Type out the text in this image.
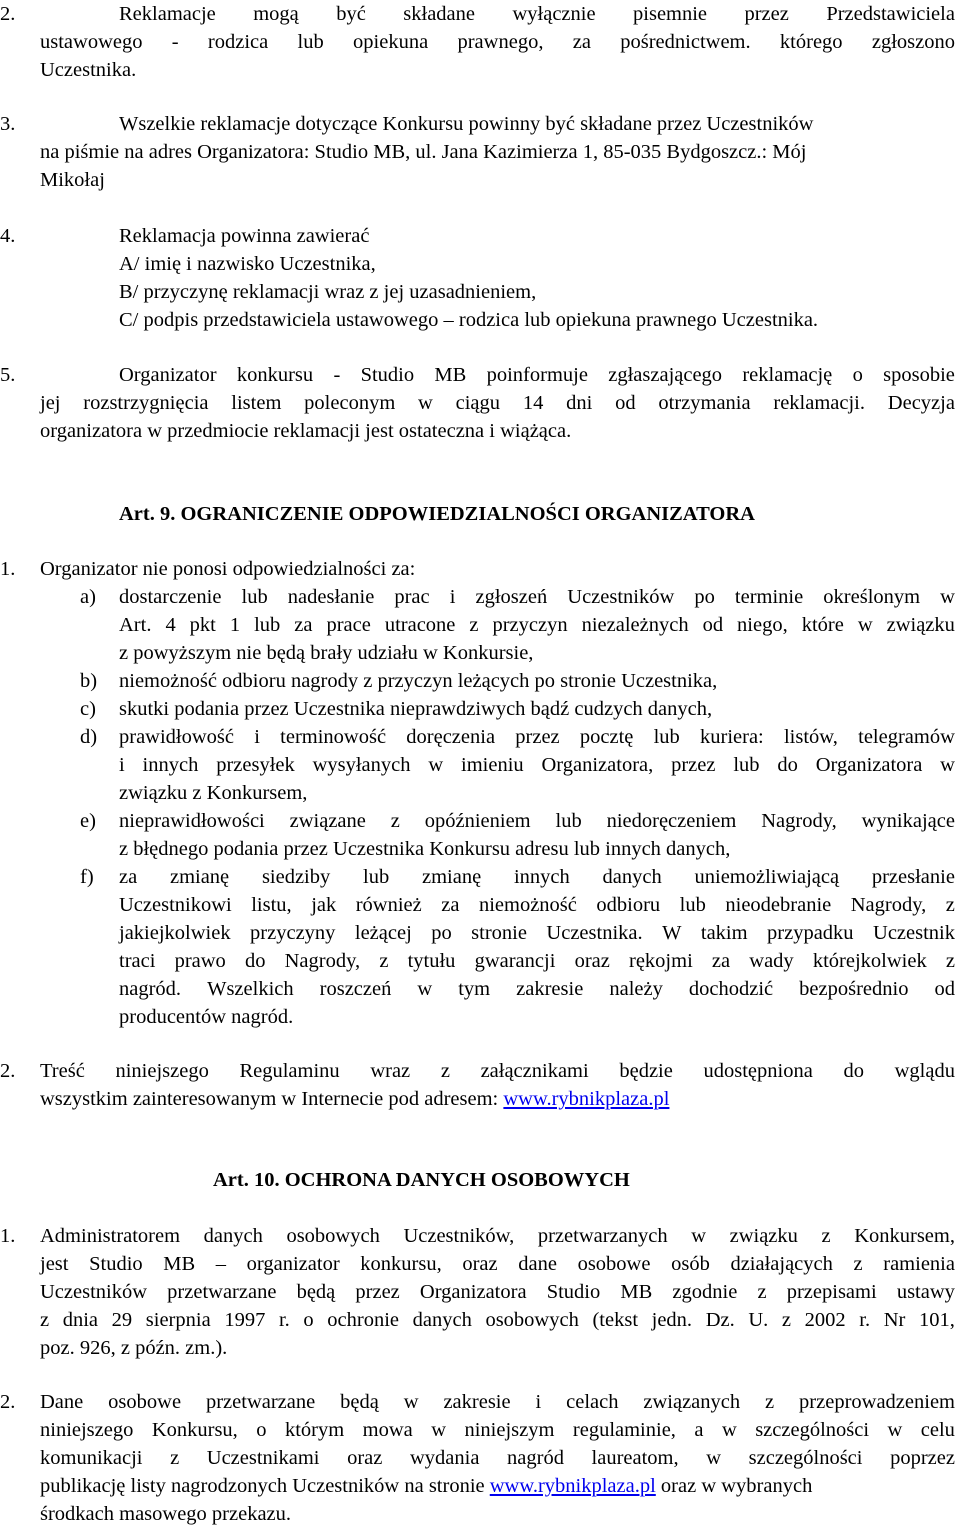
2.	Reklamacje mogą być składane wyłącznie pisemnie przez Przedstawiciela
ustawowego - rodzica lub opiekuna prawnego, za pośrednictwem. którego zgłoszono
Uczestnika.
3.	Wszelkie reklamacje dotyczące Konkursu powinny być składane przez Uczestników
na piśmie na adres Organizatora: Studio MB, ul. Jana Kazimierza 1, 85-035 Bydgoszcz.: Mój
Mikołaj
4.	Reklamacja powinna zawierać
A/ imię i nazwisko Uczestnika,
B/ przyczynę reklamacji wraz z jej uzasadnieniem,
C/ podpis przedstawiciela ustawowego – rodzica lub opiekuna prawnego Uczestnika.
5.	Organizator konkursu - Studio MB poinformuje zgłaszającego reklamację o sposobie
jej rozstrzygnięcia listem poleconym w ciągu 14 dni od otrzymania reklamacji. Decyzja
organizatora w przedmiocie reklamacji jest ostateczna i wiążąca.
Art. 9. OGRANICZENIE ODPOWIEDZIALNOŚCI ORGANIZATORA
1. Organizator nie ponosi odpowiedzialności za:
a) dostarczenie lub nadesłanie prac i zgłoszeń Uczestników po terminie określonym w
Art. 4 pkt 1 lub za prace utracone z przyczyn niezależnych od niego, które w związku
z powyższym nie będą brały udziału w Konkursie,
b) niemożność odbioru nagrody z przyczyn leżących po stronie Uczestnika,
c) skutki podania przez Uczestnika nieprawdziwych bądź cudzych danych,
d) prawidłowość i terminowość doręczenia przez pocztę lub kuriera: listów, telegramów
i innych przesyłek wysyłanych w imieniu Organizatora, przez lub do Organizatora w
związku z Konkursem,
e) nieprawidłowości związane z opóźnieniem lub niedoręczeniem Nagrody, wynikające
z błędnego podania przez Uczestnika Konkursu adresu lub innych danych,
f) za zmianę siedziby lub zmianę innych danych uniemożliwiającą przesłanie
Uczestnikowi listu, jak również za niemożność odbioru lub nieodebranie Nagrody, z
jakiejkolwiek przyczyny leżącej po stronie Uczestnika. W takim przypadku Uczestnik
traci prawo do Nagrody, z tytułu gwarancji oraz rękojmi za wady którejkolwiek z
nagród. Wszelkich roszczeń w tym zakresie należy dochodzić bezpośrednio od
producentów nagród.
2. Treść niniejszego Regulaminu wraz z załącznikami będzie udostępniona do wglądu
wszystkim zainteresowanym w Internecie pod adresem: www.rybnikplaza.pl
Art. 10. OCHRONA DANYCH OSOBOWYCH
1. Administratorem danych osobowych Uczestników, przetwarzanych w związku z Konkursem,
jest Studio MB – organizator konkursu, oraz dane osobowe osób działających z ramienia
Uczestników przetwarzane będą przez Organizatora Studio MB zgodnie z przepisami ustawy
z dnia 29 sierpnia 1997 r. o ochronie danych osobowych (tekst jedn. Dz. U. z 2002 r. Nr 101,
poz. 926, z późn. zm.).
2. Dane osobowe przetwarzane będą w zakresie i celach związanych z przeprowadzeniem
niniejszego Konkursu, o którym mowa w niniejszym regulaminie, a w szczególności w celu
komunikacji z Uczestnikami oraz wydania nagród laureatom, w szczególności poprzez
publikację listy nagrodzonych Uczestników na stronie www.rybnikplaza.pl oraz w wybranych
środkach masowego przekazu.
